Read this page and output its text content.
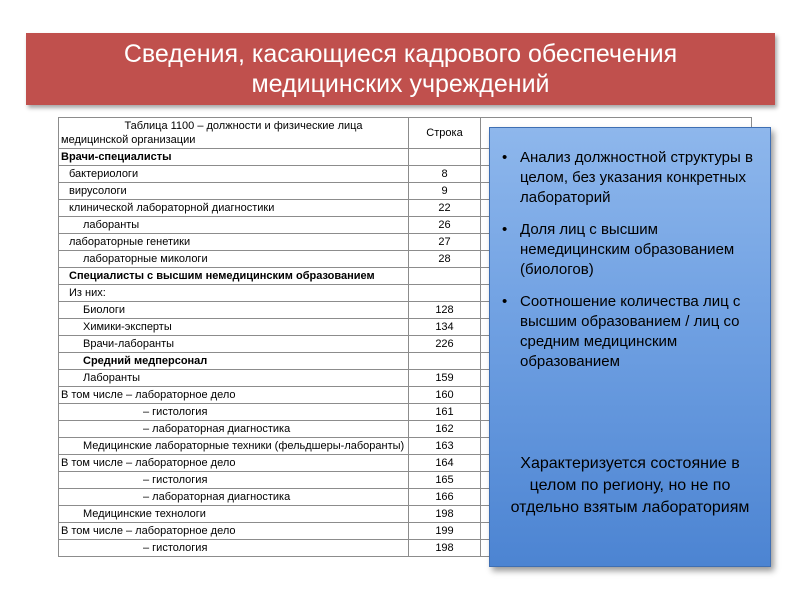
Сведения, касающиеся кадрового обеспечения
медицинских учреждений
Таблица 1100 – должности и физические лица
медицинской организации	Строка	
Врачи-специалисты		
бактериологи	8	
вирусологи	9	
клинической лабораторной диагностики	22	
лаборанты	26	
лабораторные генетики	27	
лабораторные микологи	28	
Специалисты с высшим немедицинским образованием		
Из них:		
Биологи	128	
Химики-эксперты	134	
Врачи-лаборанты	226	
Средний медперсонал		
Лаборанты	159	
В том числе – лабораторное дело	160	
– гистология	161	
– лабораторная диагностика	162	
Медицинские лабораторные техники (фельдшеры-лаборанты)	163	
В том числе – лабораторное дело	164	
– гистология	165	
– лабораторная диагностика	166	
Медицинские технологи	198	
В том числе – лабораторное дело	199	
– гистология	198	
• Анализ должностной структуры в целом, без указания конкретных лабораторий
• Доля лиц с высшим немедицинским образованием (биологов)
• Соотношение количества лиц с высшим образованием / лиц со средним медицинским образованием
Характеризуется состояние в целом по региону, но не по отдельно взятым лабораториям
